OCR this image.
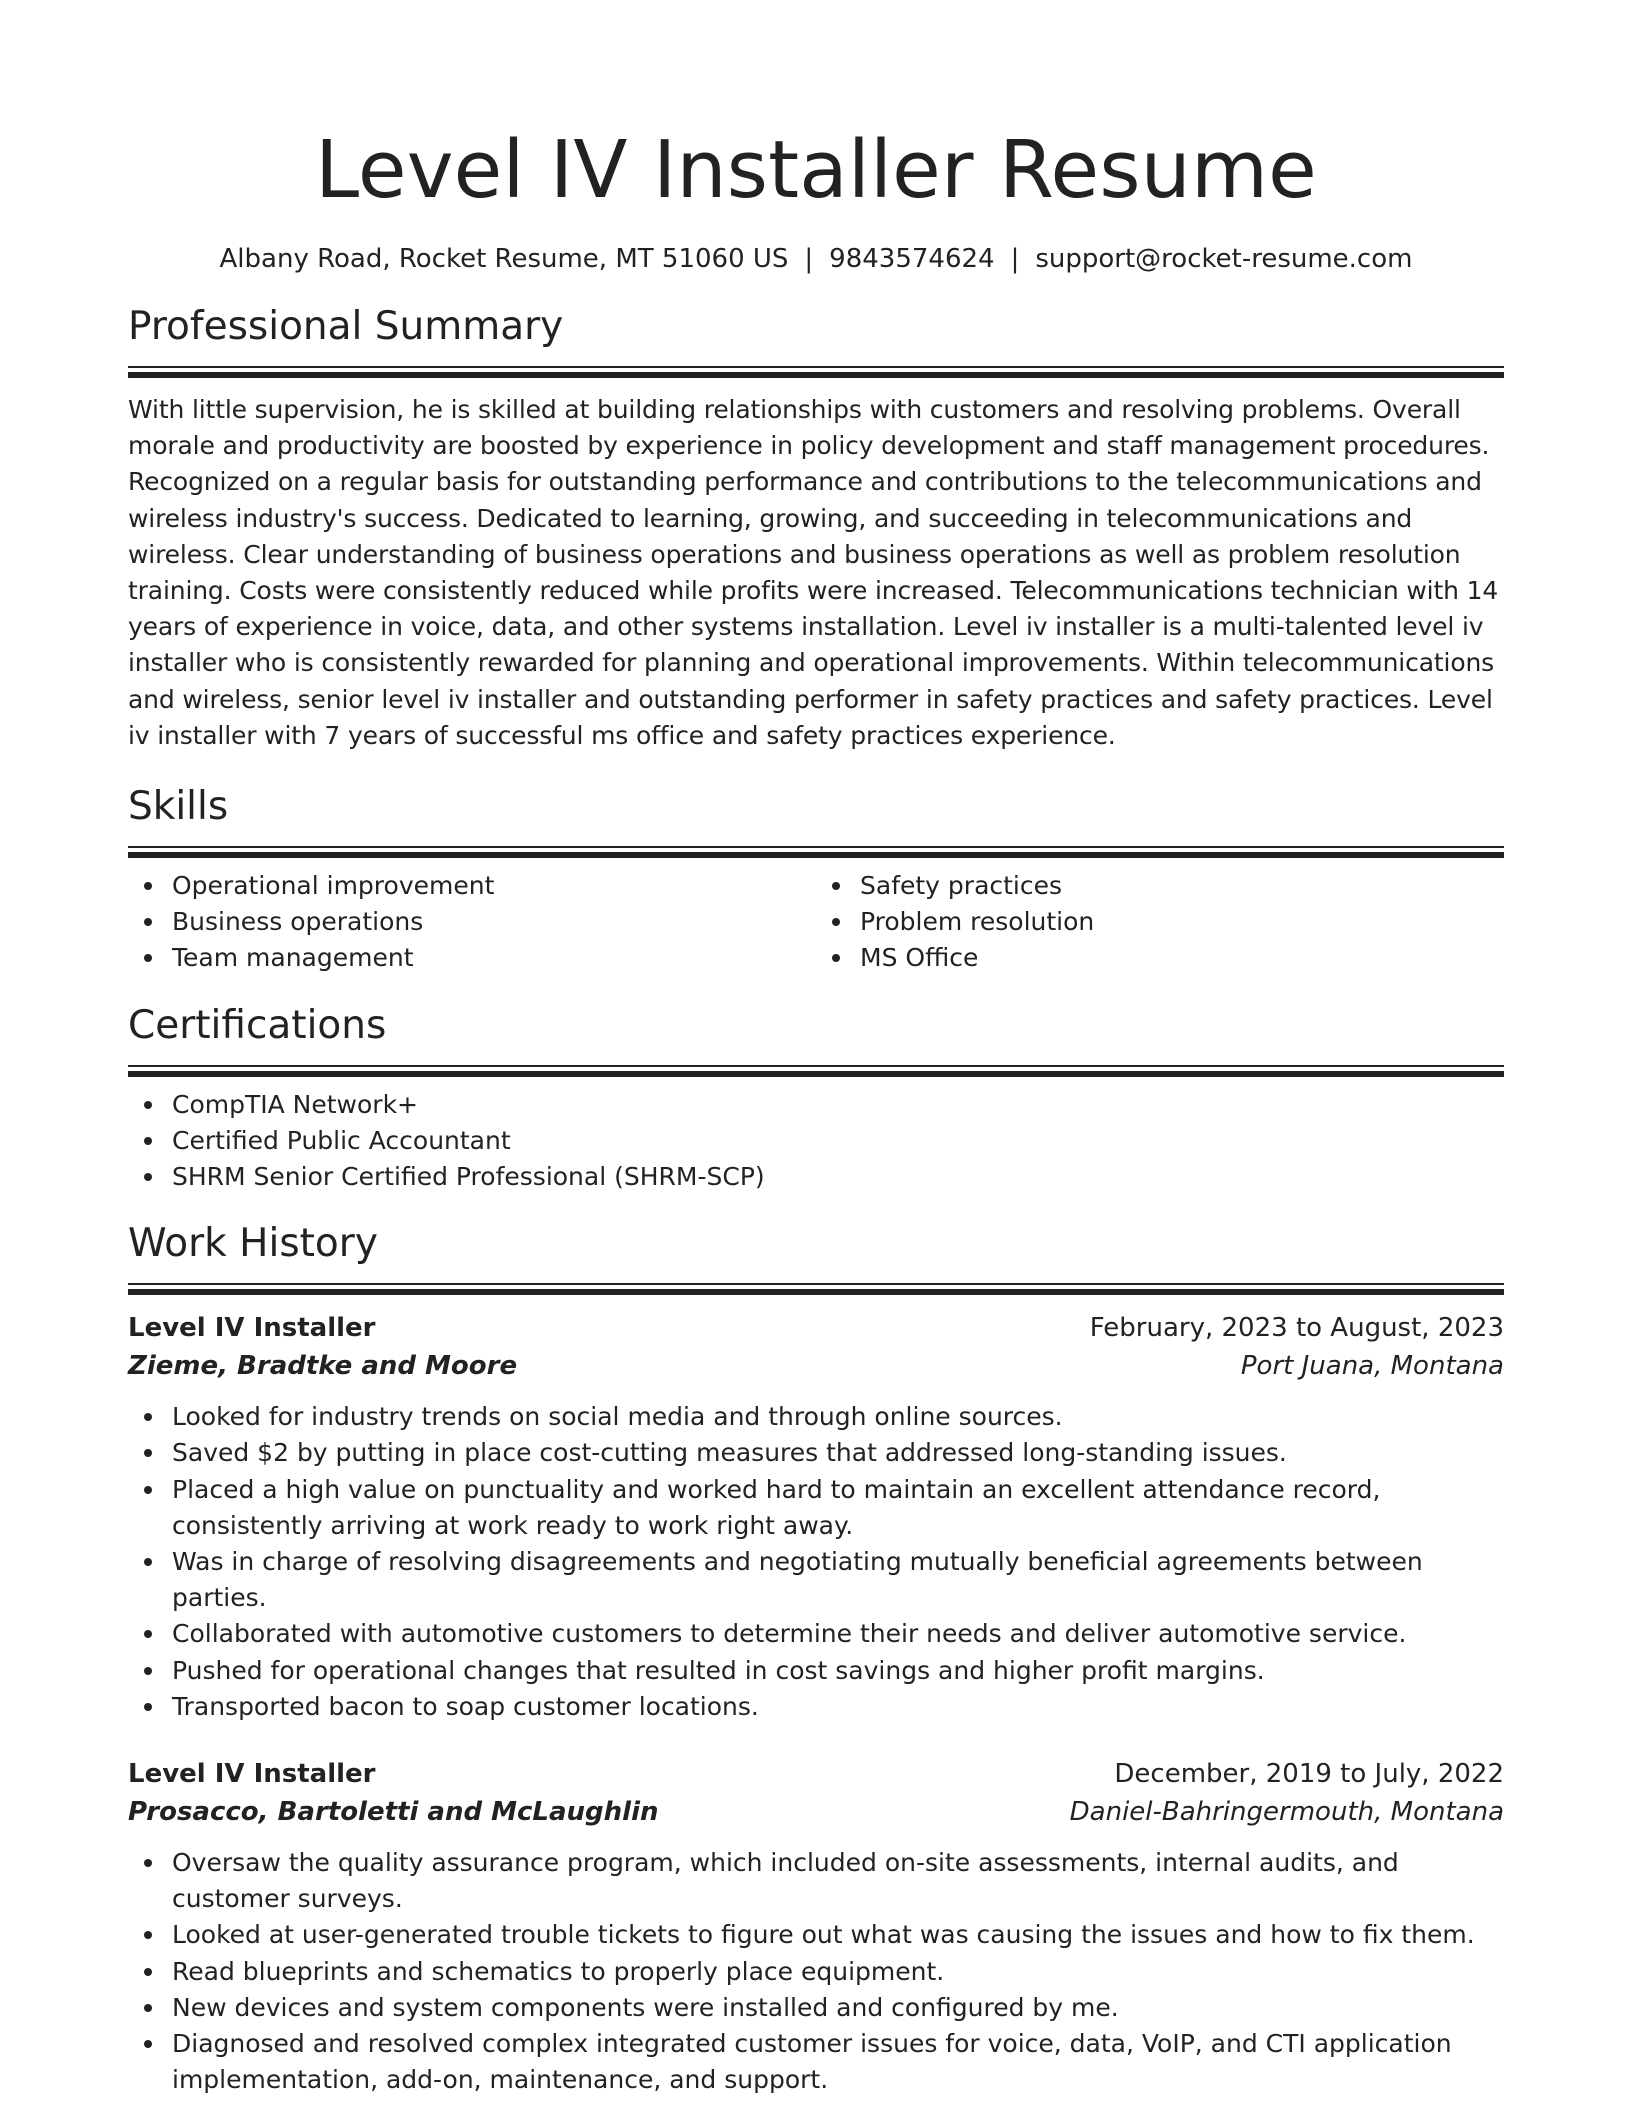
Level IV Installer Resume
Albany Road, Rocket Resume, MT 51060 US | 9843574624 | support@rocket-resume.com
Professional Summary

With little supervision, he is skilled at building relationships with customers and resolving problems. Overall morale and productivity are boosted by experience in policy development and staff management procedures. Recognized on a regular basis for outstanding performance and contributions to the telecommunications and wireless industry's success. Dedicated to learning, growing, and succeeding in telecommunications and wireless. Clear understanding of business operations and business operations as well as problem resolution training. Costs were consistently reduced while profits were increased. Telecommunications technician with 14 years of experience in voice, data, and other systems installation. Level iv installer is a multi-talented level iv installer who is consistently rewarded for planning and operational improvements. Within telecommunications and wireless, senior level iv installer and outstanding performer in safety practices and safety practices. Level iv installer with 7 years of successful ms office and safety practices experience.

Skills
Operational improvement
Business operations
Team management
Safety practices
Problem resolution
MS Office
Certifications
CompTIA Network+
Certified Public Accountant
SHRM Senior Certified Professional (SHRM-SCP)
Work History
Level IV Installer	February, 2023 to August, 2023
Zieme, Bradtke and Moore	Port Juana, Montana
Looked for industry trends on social media and through online sources.
Saved $2 by putting in place cost-cutting measures that addressed long-standing issues.
Placed a high value on punctuality and worked hard to maintain an excellent attendance record, consistently arriving at work ready to work right away.
Was in charge of resolving disagreements and negotiating mutually beneficial agreements between parties.
Collaborated with automotive customers to determine their needs and deliver automotive service.
Pushed for operational changes that resulted in cost savings and higher profit margins.
Transported bacon to soap customer locations.
Level IV Installer	December, 2019 to July, 2022
Prosacco, Bartoletti and McLaughlin	Daniel-Bahringermouth, Montana
Oversaw the quality assurance program, which included on-site assessments, internal audits, and customer surveys.
Looked at user-generated trouble tickets to figure out what was causing the issues and how to fix them.
Read blueprints and schematics to properly place equipment.
New devices and system components were installed and configured by me.
Diagnosed and resolved complex integrated customer issues for voice, data, VoIP, and CTI application implementation, add-on, maintenance, and support.
